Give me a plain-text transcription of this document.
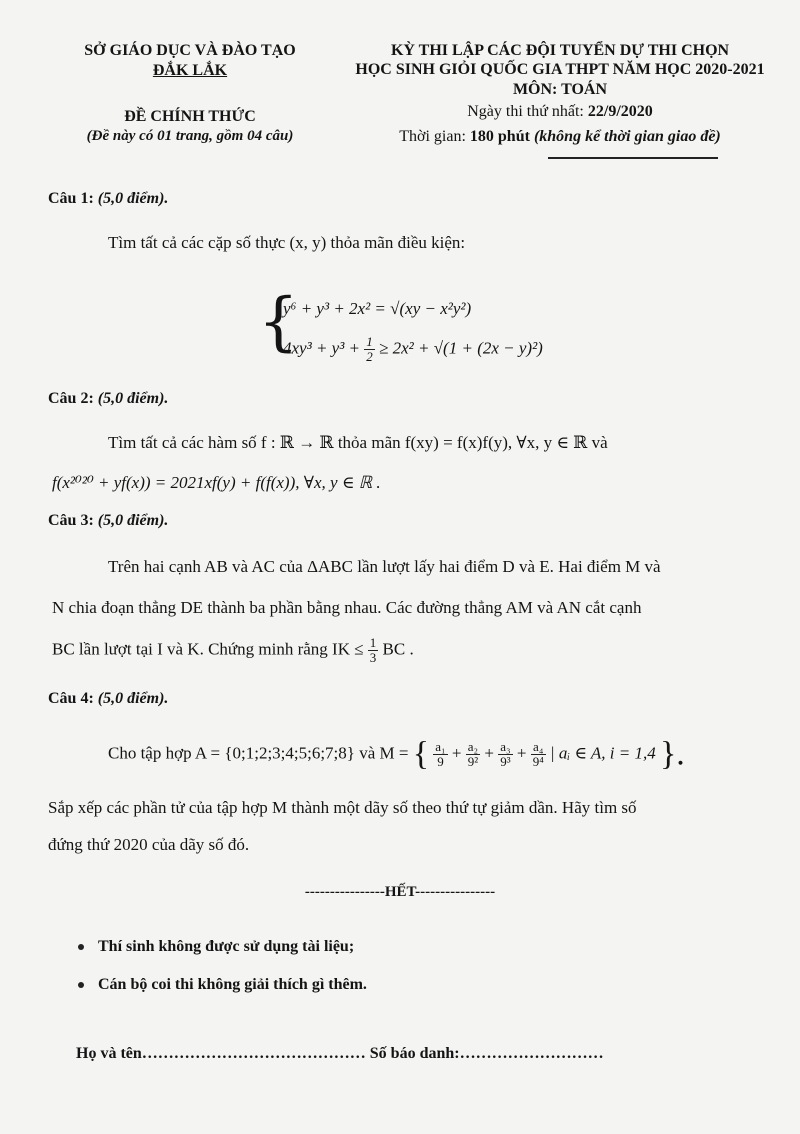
SỞ GIÁO DỤC VÀ ĐÀO TẠO
ĐẮK LẮK
ĐỀ CHÍNH THỨC
(Đề này có 01 trang, gồm 04 câu)
KỲ THI LẬP CÁC ĐỘI TUYỂN DỰ THI CHỌN
HỌC SINH GIỎI QUỐC GIA THPT NĂM HỌC 2020-2021
MÔN: TOÁN
Ngày thi thứ nhất: 22/9/2020
Thời gian: 180 phút (không kể thời gian giao đề)
Câu 1: (5,0 điểm).
Tìm tất cả các cặp số thực (x, y) thỏa mãn điều kiện:
{
y⁶ + y³ + 2x² = √(xy − x²y²)
$4xy^3 + y^3 + \frac{1}{2} \ge 2x^2 + √(1 + (2x - y)^2)$
Câu 2: (5,0 điểm).
Tìm tất cả các hàm số f : ℝ → ℝ thỏa mãn f(xy) = f(x)f(y), ∀x, y ∈ ℝ và
f(x²⁰²⁰ + yf(x)) = 2021xf(y) + f(f(x)), ∀x, y ∈ ℝ .
Câu 3: (5,0 điểm).
Trên hai cạnh AB và AC của ΔABC lần lượt lấy hai điểm D và E. Hai điểm M và
N chia đoạn thẳng DE thành ba phần bằng nhau. Các đường thẳng AM và AN cắt cạnh
BC lần lượt tại I và K. Chứng minh rằng IK ≤ $\frac{1}{3}$ BC .
Câu 4: (5,0 điểm).
Cho tập hợp A = {0;1;2;3;4;5;6;7;8} và M = { $\frac{\text{a₁}}{9} + \frac{\text{a₂}}{\text{9²}} + \frac{\text{a₃}}{\text{9³}} + \frac{\text{a₄}}{\text{9⁴}}$ | aᵢ ∈ A, i = 1,4 }.
Sắp xếp các phần tử của tập hợp M thành một dãy số theo thứ tự giảm dần. Hãy tìm số
đứng thứ 2020 của dãy số đó.
----------------HẾT----------------
Thí sinh không được sử dụng tài liệu;
Cán bộ coi thi không giải thích gì thêm.
Họ và tên…………………………………… Số báo danh:………………………
